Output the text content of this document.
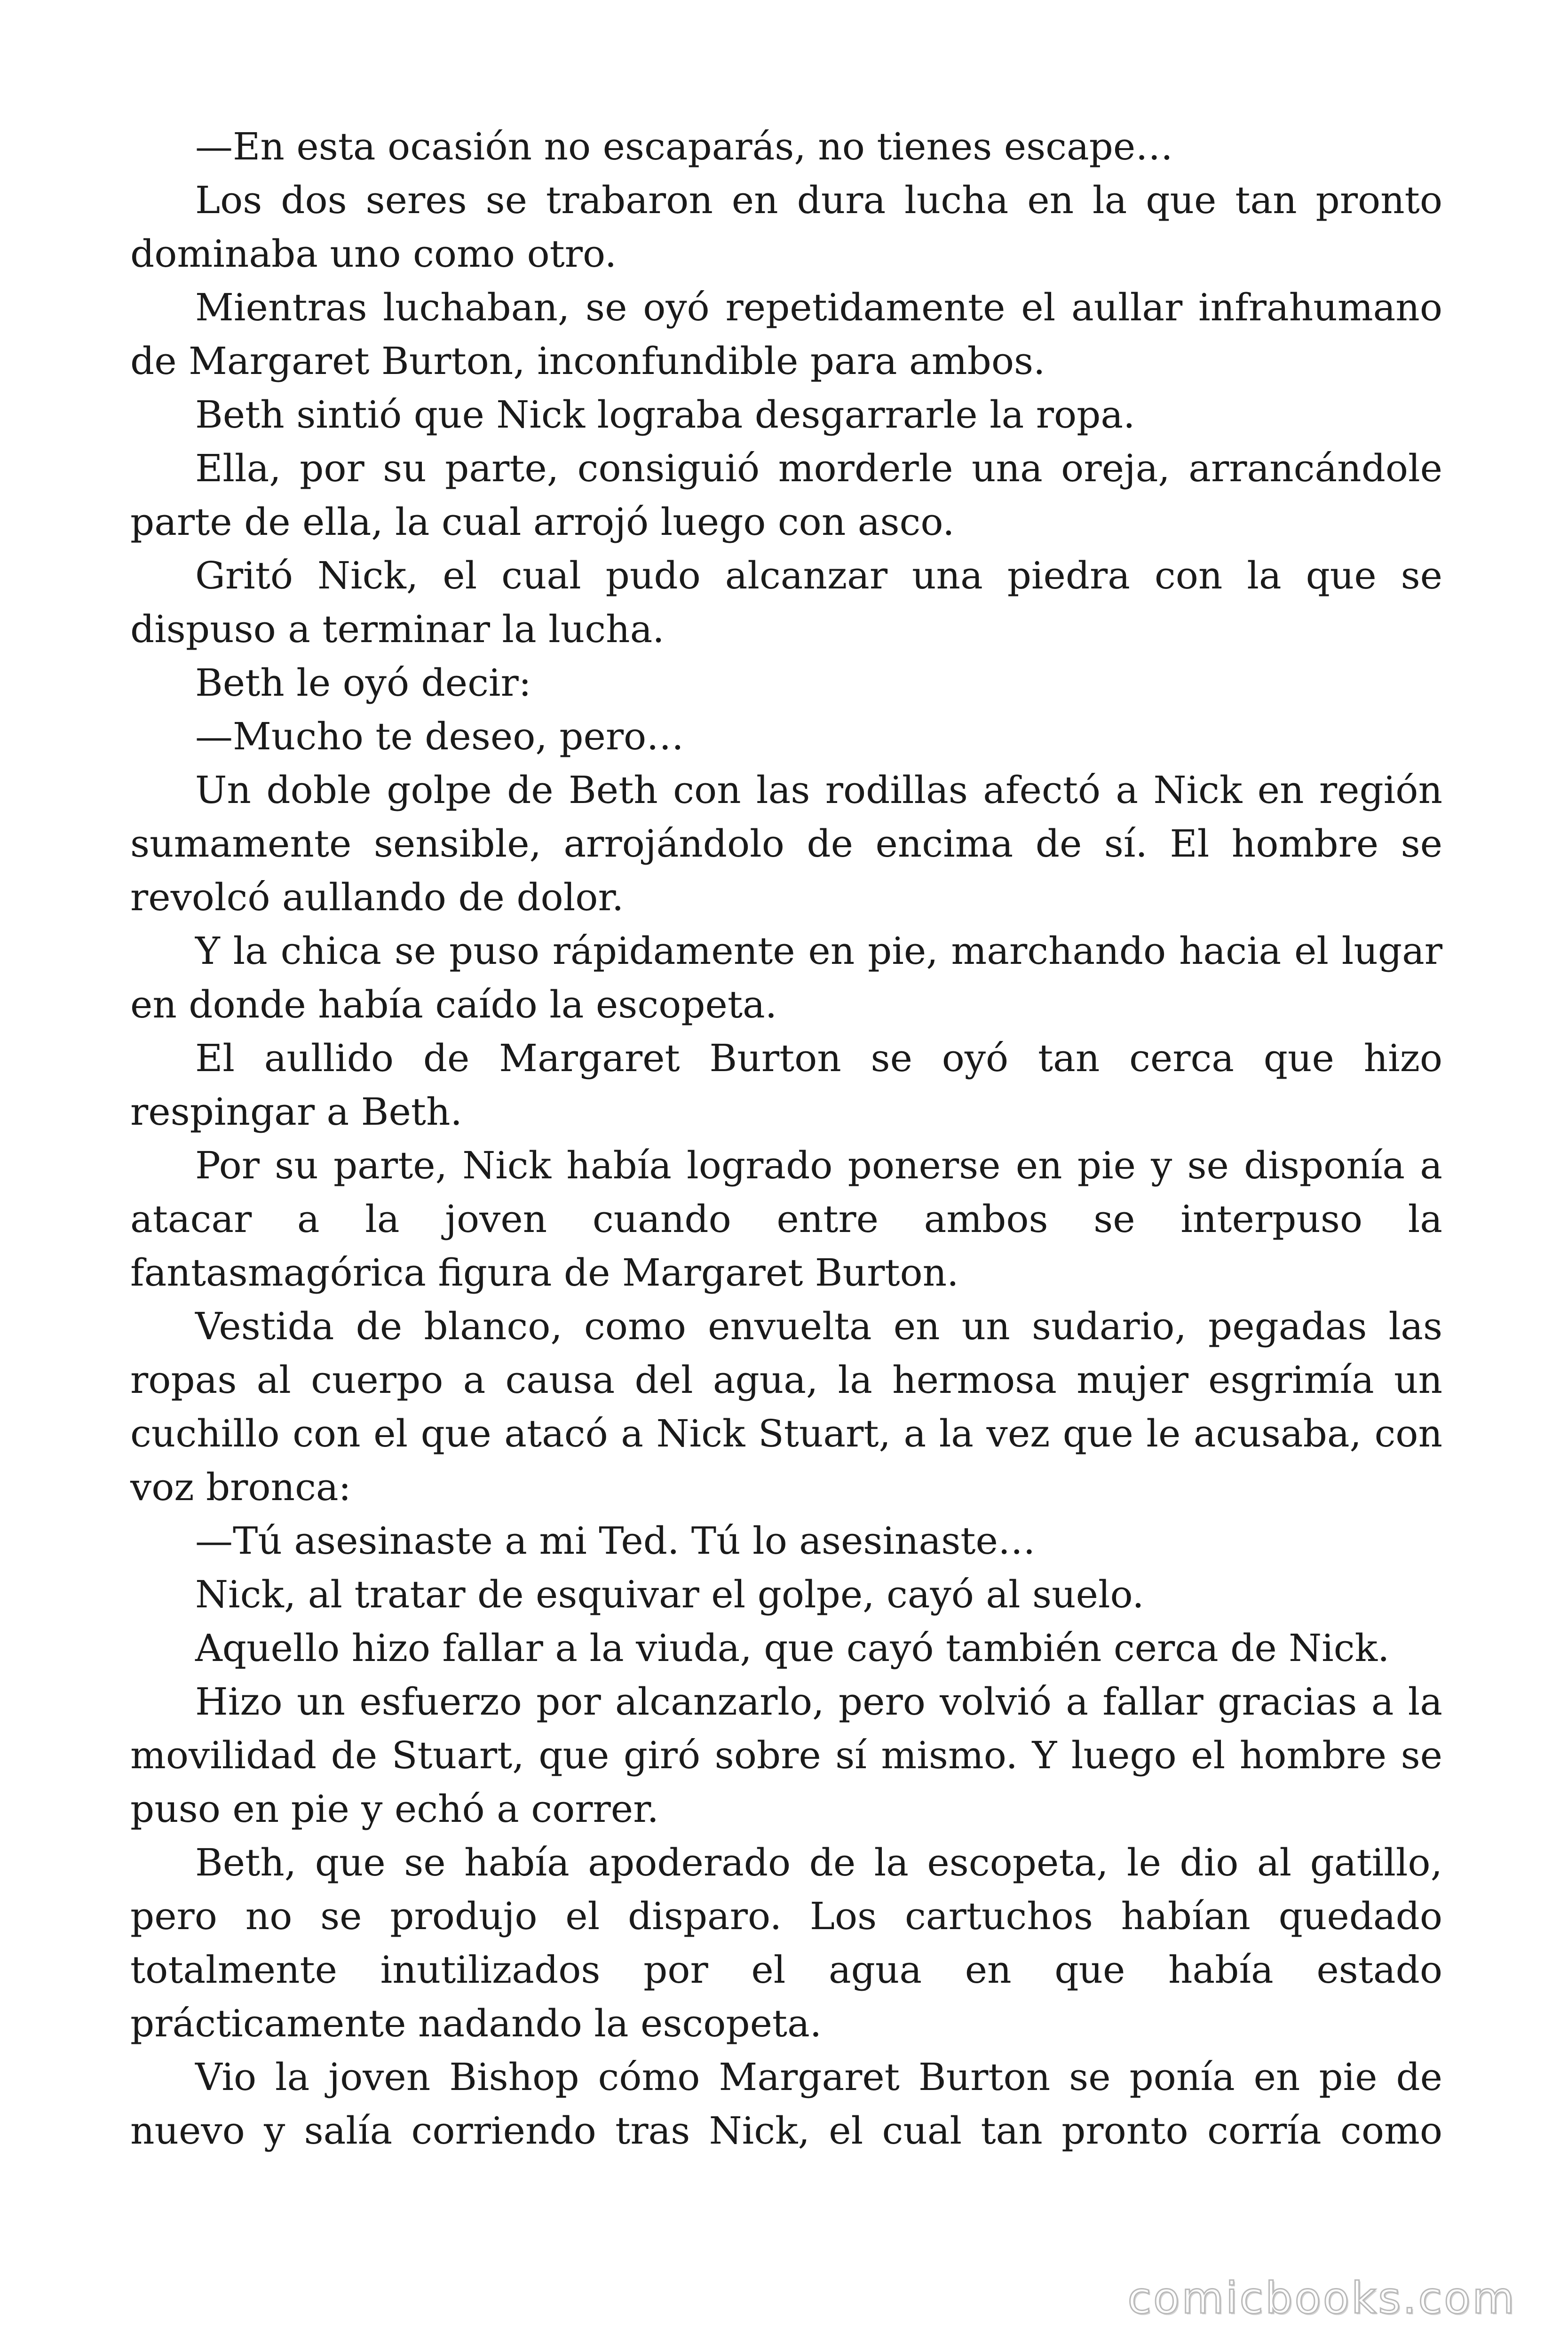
—En esta ocasión no escaparás, no tienes escape…

Los dos seres se trabaron en dura lucha en la que tan pronto dominaba uno como otro.

Mientras luchaban, se oyó repetidamente el aullar infrahumano de Margaret Burton, inconfundible para ambos.

Beth sintió que Nick lograba desgarrarle la ropa.

Ella, por su parte, consiguió morderle una oreja, arrancándole parte de ella, la cual arrojó luego con asco.

Gritó Nick, el cual pudo alcanzar una piedra con la que se dispuso a terminar la lucha.

Beth le oyó decir:

—Mucho te deseo, pero…

Un doble golpe de Beth con las rodillas afectó a Nick en región sumamente sensible, arrojándolo de encima de sí. El hombre se revolcó aullando de dolor.

Y la chica se puso rápidamente en pie, marchando hacia el lugar en donde había caído la escopeta.

El aullido de Margaret Burton se oyó tan cerca que hizo respingar a Beth.

Por su parte, Nick había logrado ponerse en pie y se disponía a atacar a la joven cuando entre ambos se interpuso la fantasmagórica figura de Margaret Burton.

Vestida de blanco, como envuelta en un sudario, pegadas las ropas al cuerpo a causa del agua, la hermosa mujer esgrimía un cuchillo con el que atacó a Nick Stuart, a la vez que le acusaba, con voz bronca:

—Tú asesinaste a mi Ted. Tú lo asesinaste…

Nick, al tratar de esquivar el golpe, cayó al suelo.

Aquello hizo fallar a la viuda, que cayó también cerca de Nick.

Hizo un esfuerzo por alcanzarlo, pero volvió a fallar gracias a la movilidad de Stuart, que giró sobre sí mismo. Y luego el hombre se puso en pie y echó a correr.

Beth, que se había apoderado de la escopeta, le dio al gatillo, pero no se produjo el disparo. Los cartuchos habían quedado totalmente inutilizados por el agua en que había estado prácticamente nadando la escopeta.

Vio la joven Bishop cómo Margaret Burton se ponía en pie de nuevo y salía corriendo tras Nick, el cual tan pronto corría como

comicbooks.com
